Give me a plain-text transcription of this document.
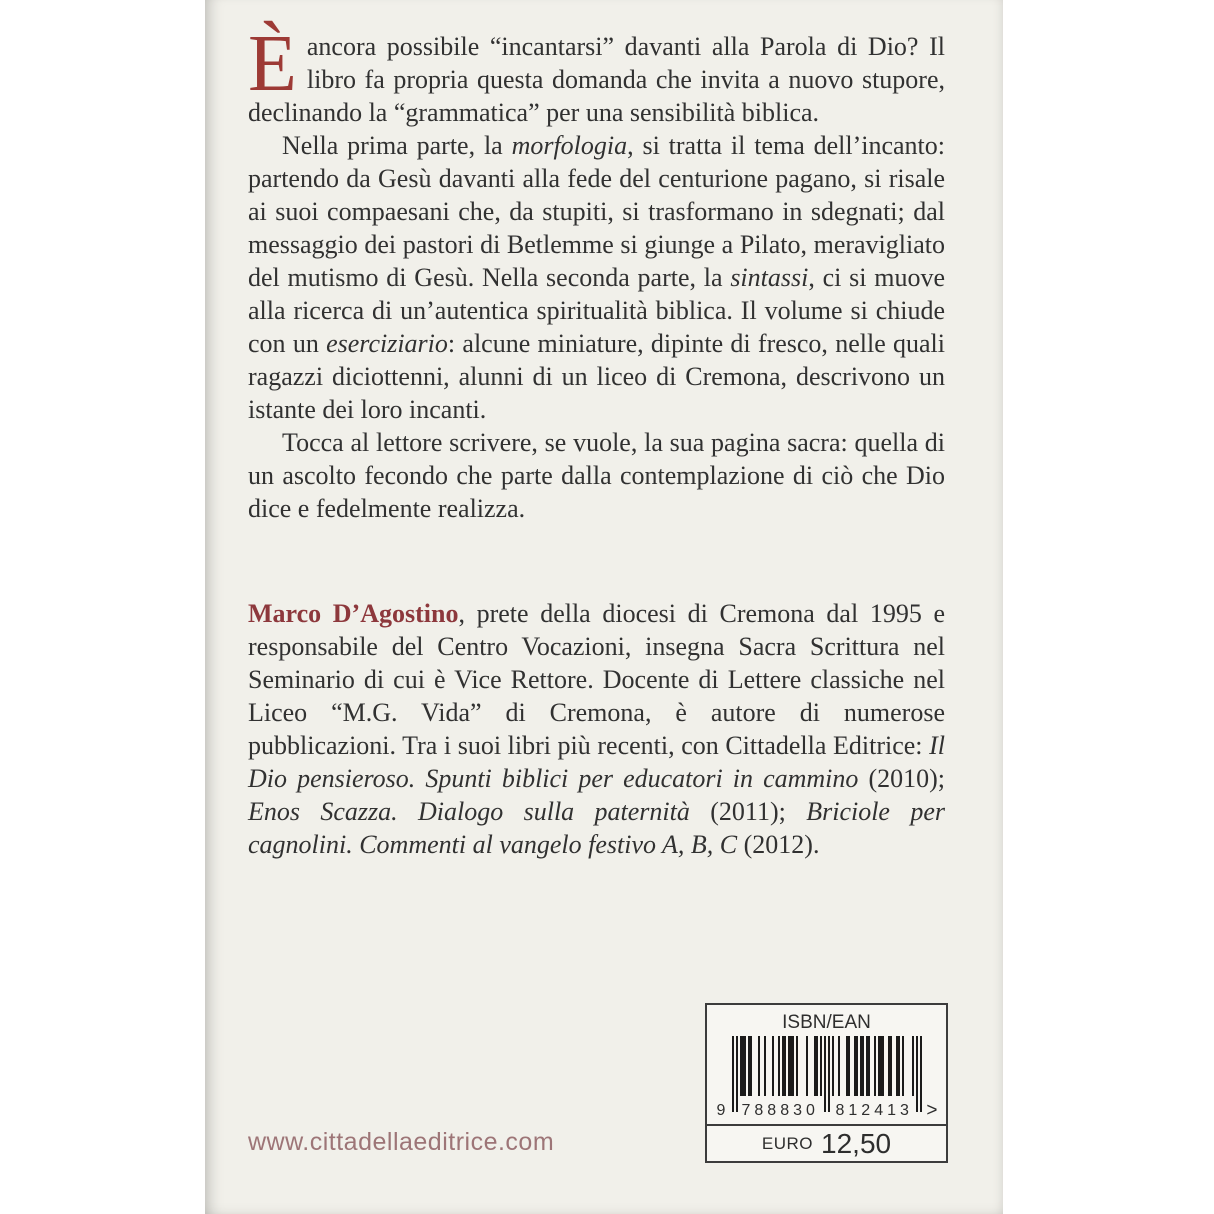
Èancora possibile “incantarsi” davanti alla Parola di Dio? Il libro fa propria questa domanda che invita a nuovo stupore, declinando la “grammatica” per una sensibilità biblica.

Nella prima parte, la morfologia, si tratta il tema dell’incanto: partendo da Gesù davanti alla fede del centurione pagano, si risale ai suoi compaesani che, da stupiti, si trasformano in sdegnati; dal messaggio dei pastori di Betlemme si giunge a Pilato, meravigliato del mutismo di Gesù. Nella seconda parte, la sintassi, ci si muove alla ricerca di un’autentica spiritualità biblica. Il volume si chiude con un eserciziario: alcune miniature, dipinte di fresco, nelle quali ragazzi diciottenni, alunni di un liceo di Cremona, descrivono un istante dei loro incanti.

Tocca al lettore scrivere, se vuole, la sua pagina sacra: quella di un ascolto fecondo che parte dalla contemplazione di ciò che Dio dice e fedelmente realizza.

Marco D’Agostino, prete della diocesi di Cremona dal 1995 e responsabile del Centro Vocazioni, insegna Sacra Scrittura nel Seminario di cui è Vice Rettore. Docente di Lettere classiche nel Liceo “M.G. Vida” di Cremona, è autore di numerose pubblicazioni. Tra i suoi libri più recenti, con Cittadella Editrice: Il Dio pensieroso. Spunti biblici per educatori in cammino (2010); Enos Scazza. Dialogo sulla paternità (2011); Briciole per cagnolini. Commenti al vangelo festivo A, B, C (2012).

ISBN/EAN
9 788830 812413 >
EURO 12,50
www.cittadellaeditrice.com
